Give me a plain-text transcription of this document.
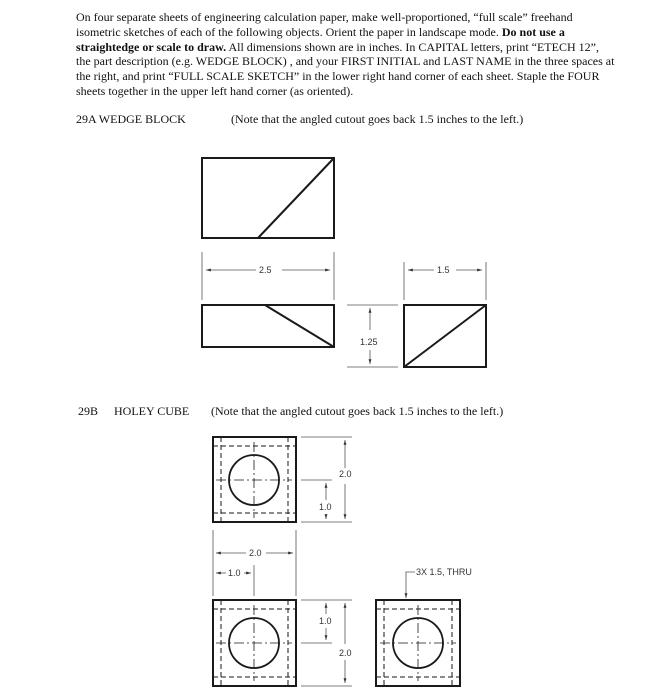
On four separate sheets of engineering calculation paper, make well-proportioned, “full scale” freehand isometric sketches of each of the following objects. Orient the paper in landscape mode. Do not use a straightedge or scale to draw. All dimensions shown are in inches. In CAPITAL letters, print “ETECH 12”, the part description (e.g. WEDGE BLOCK) , and your FIRST INITIAL and LAST NAME in the three spaces at the right, and print “FULL SCALE SKETCH” in the lower right hand corner of each sheet. Staple the FOUR sheets together in the upper left hand corner (as oriented).

29A WEDGE BLOCK	(Note that the angled cutout goes back 1.5 inches to the left.)
29B HOLEY CUBE (Note that the angled cutout goes back 1.5 inches to the left.)
2.5	1.5
1.25
2.0
1.0
2.0
1.0	3X 1.5, THRU
1.0
2.0
